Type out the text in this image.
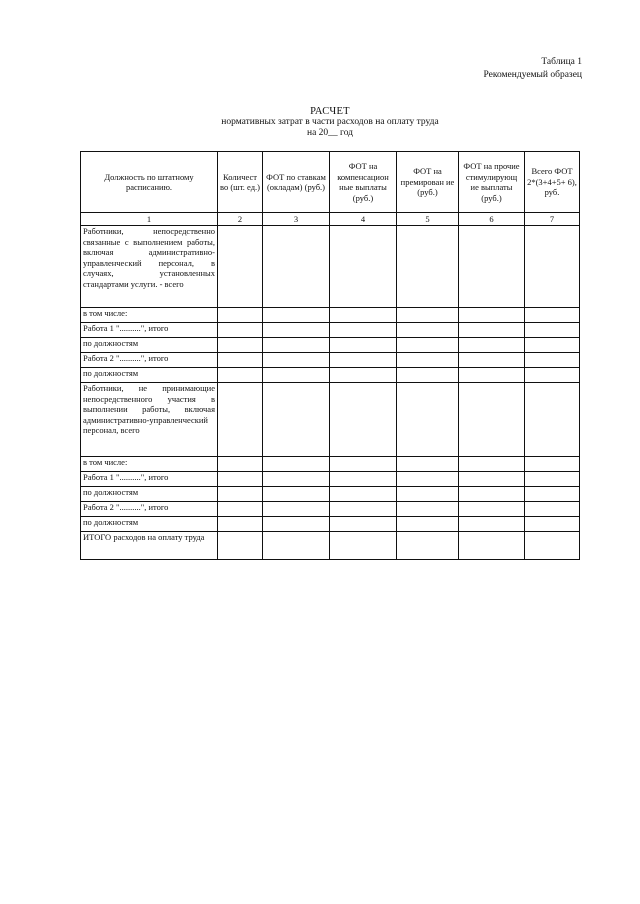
Таблица 1
Рекомендуемый образец
РАСЧЕТ
нормативных затрат в части расходов на оплату труда
на 20__ год
Должность по штатному расписанию.	Количест во (шт. ед.)	ФОТ по ставкам (окладам) (руб.)	ФОТ на компенсацион ные выплаты (руб.)	ФОТ на премирован ие (руб.)	ФОТ на прочие стимулирующ ие выплаты (руб.)	Всего ФОТ 2*(3+4+5+ 6), руб.
1	2	3	4	5	6	7
Работники, непосредственно связанные с выполнением работы, включая административно-управленческий персонал, в случаях, установленных стандартами услуги. - всего						
в том числе:						
Работа 1 "..........", итого						
по должностям						
Работа 2 "..........", итого						
по должностям						
Работники, не принимающие непосредственного участия в выполнении работы, включая административно-управленческий персонал, всего						
в том числе:						
Работа 1 "..........", итого						
по должностям						
Работа 2 "..........", итого						
по должностям						
ИТОГО расходов на оплату труда						
